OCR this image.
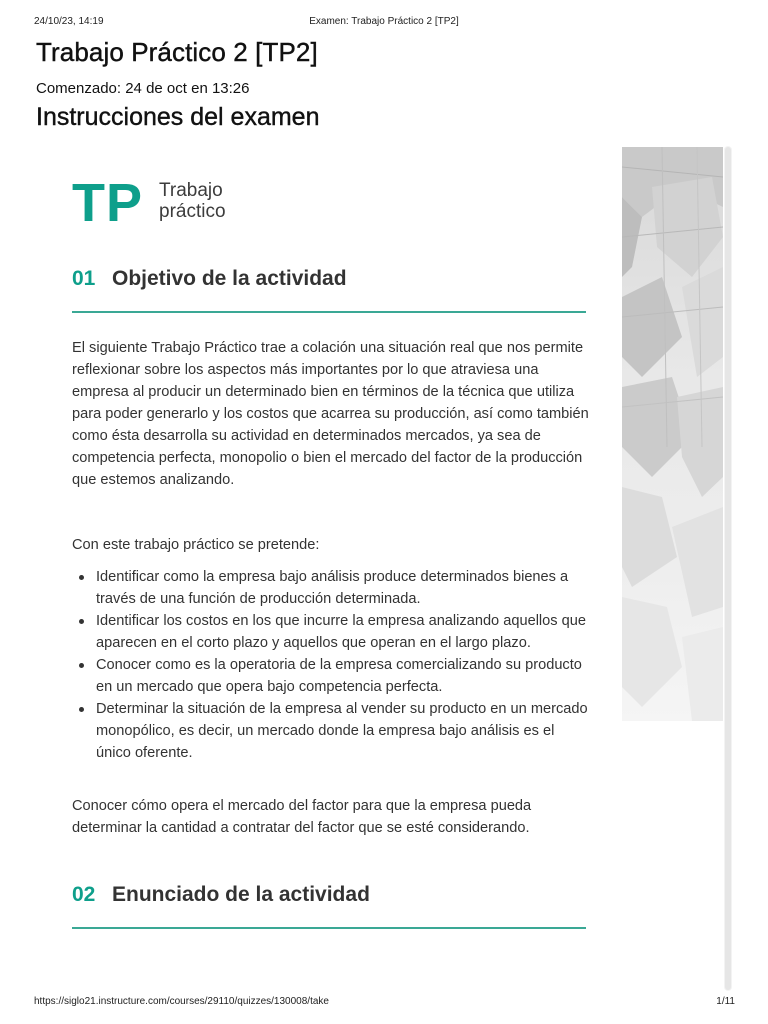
24/10/23, 14:19	Examen: Trabajo Práctico 2 [TP2]
Trabajo Práctico 2 [TP2]
Comenzado: 24 de oct en 13:26
Instrucciones del examen
TP Trabajo
práctico
01 Objetivo de la actividad

El siguiente Trabajo Práctico trae a colación una situación real que nos permite reflexionar sobre los aspectos más importantes por lo que atraviesa una empresa al producir un determinado bien en términos de la técnica que utiliza para poder generarlo y los costos que acarrea su producción, así como también como ésta desarrolla su actividad en determinados mercados, ya sea de competencia perfecta, monopolio o bien el mercado del factor de la producción que estemos analizando.

Con este trabajo práctico se pretende:

Identificar como la empresa bajo análisis produce determinados bienes a través de una función de producción determinada.
Identificar los costos en los que incurre la empresa analizando aquellos que aparecen en el corto plazo y aquellos que operan en el largo plazo.
Conocer como es la operatoria de la empresa comercializando su producto en un mercado que opera bajo competencia perfecta.
Determinar la situación de la empresa al vender su producto en un mercado monopólico, es decir, un mercado donde la empresa bajo análisis es el único oferente.

Conocer cómo opera el mercado del factor para que la empresa pueda determinar la cantidad a contratar del factor que se esté considerando.

02 Enunciado de la actividad
https://siglo21.instructure.com/courses/29110/quizzes/130008/take	1/11
